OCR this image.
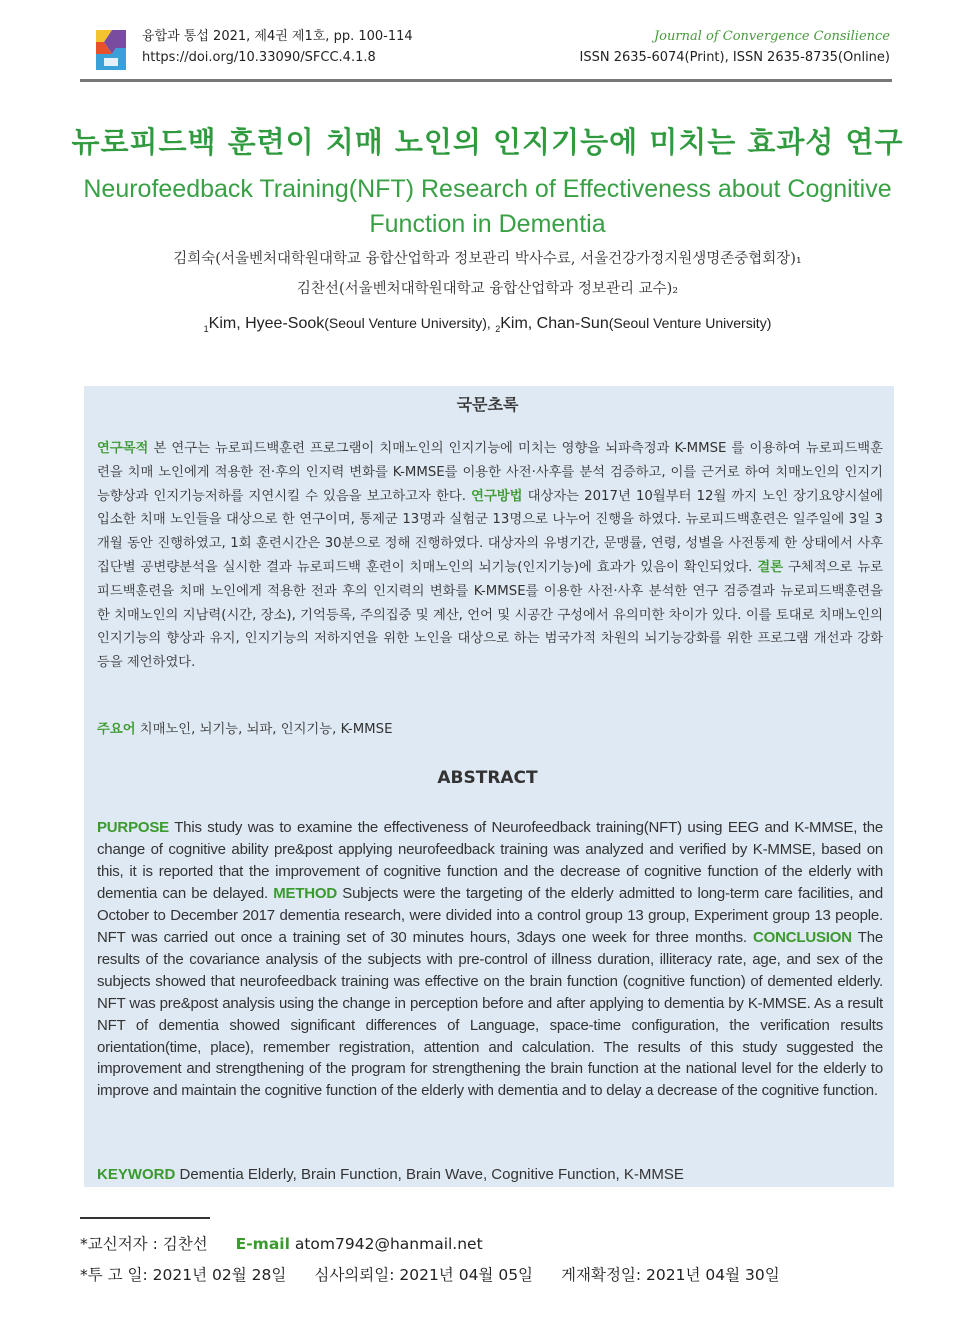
융합과 통섭 2021, 제4권 제1호, pp. 100-114
https://doi.org/10.33090/SFCC.4.1.8
Journal of Convergence Consilience
ISSN 2635-6074(Print), ISSN 2635-8735(Online)
뉴로피드백 훈련이 치매 노인의 인지기능에 미치는 효과성 연구
Neurofeedback Training(NFT) Research of Effectiveness about Cognitive Function in Dementia
김희숙(서울벤처대학원대학교 융합산업학과 정보관리 박사수료, 서울건강가정지원생명존중협회장)₁
김찬선(서울벤처대학원대학교 융합산업학과 정보관리 교수)₂
$_1$Kim, Hyee-Sook(Seoul Venture University), $_2$Kim, Chan-Sun(Seoul Venture University)
국문초록
연구목적 본 연구는 뉴로피드백훈련 프로그램이 치매노인의 인지기능에 미치는 영향을 뇌파측정과 K-MMSE 를 이용하여 뉴로피드백훈련을 치매 노인에게 적용한 전·후의 인지력 변화를 K-MMSE를 이용한 사전·사후를 분석 검증하고, 이를 근거로 하여 치매노인의 인지기능향상과 인지기능저하를 지연시킬 수 있음을 보고하고자 한다. 연구방법 대상자는 2017년 10월부터 12월 까지 노인 장기요양시설에 입소한 치매 노인들을 대상으로 한 연구이며, 통제군 13명과 실험군 13명으로 나누어 진행을 하였다. 뉴로피드백훈련은 일주일에 3일 3개월 동안 진행하였고, 1회 훈련시간은 30분으로 정해 진행하였다. 대상자의 유병기간, 문맹률, 연령, 성별을 사전통제 한 상태에서 사후 집단별 공변량분석을 실시한 결과 뉴로피드백 훈련이 치매노인의 뇌기능(인지기능)에 효과가 있음이 확인되었다. 결론 구체적으로 뉴로피드백훈련을 치매 노인에게 적용한 전과 후의 인지력의 변화를 K-MMSE를 이용한 사전·사후 분석한 연구 검증결과 뉴로피드백훈련을 한 치매노인의 지남력(시간, 장소), 기억등록, 주의집중 및 계산, 언어 및 시공간 구성에서 유의미한 차이가 있다. 이를 토대로 치매노인의 인지기능의 향상과 유지, 인지기능의 저하지연을 위한 노인을 대상으로 하는 범국가적 차원의 뇌기능강화를 위한 프로그램 개선과 강화 등을 제언하였다.
주요어 치매노인, 뇌기능, 뇌파, 인지기능, K-MMSE
ABSTRACT
PURPOSE This study was to examine the effectiveness of Neurofeedback training(NFT) using EEG and K-MMSE, the change of cognitive ability pre&post applying neurofeedback training was analyzed and verified by K-MMSE, based on this, it is reported that the improvement of cognitive function and the decrease of cognitive function of the elderly with dementia can be delayed. METHOD Subjects were the targeting of the elderly admitted to long-term care facilities, and October to December 2017 dementia research, were divided into a control group 13 group, Experiment group 13 people. NFT was carried out once a training set of 30 minutes hours, 3days one week for three months. CONCLUSION The results of the covariance analysis of the subjects with pre-control of illness duration, illiteracy rate, age, and sex of the subjects showed that neurofeedback training was effective on the brain function (cognitive function) of demented elderly. NFT was pre&post analysis using the change in perception before and after applying to dementia by K-MMSE. As a result NFT of dementia showed significant differences of Language, space-time configuration, the verification results orientation(time, place), remember registration, attention and calculation. The results of this study suggested the improvement and strengthening of the program for strengthening the brain function at the national level for the elderly to improve and maintain the cognitive function of the elderly with dementia and to delay a decrease of the cognitive function.
KEYWORD Dementia Elderly, Brain Function, Brain Wave, Cognitive Function, K-MMSE
*교신저자 : 김찬선 E-mail atom7942@hanmail.net
*투 고 일: 2021년 02월 28일 심사의뢰일: 2021년 04월 05일 게재확정일: 2021년 04월 30일
